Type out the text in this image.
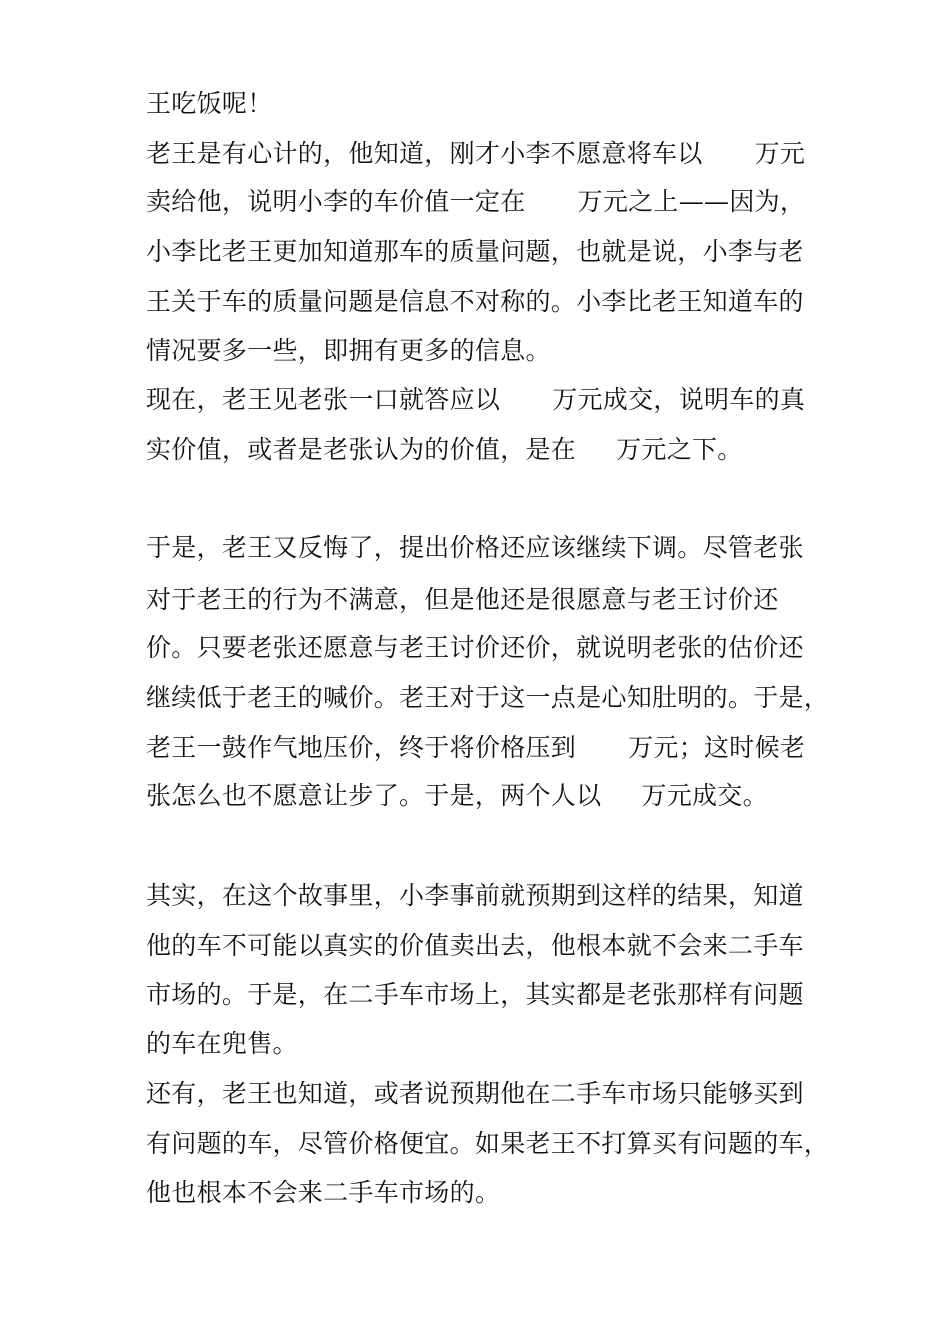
王吃饭呢！
老王是有心计的，他知道，刚才小李不愿意将车以 万元
卖给他，说明小李的车价值一定在 万元之上——因为，
小李比老王更加知道那车的质量问题，也就是说，小李与老
王关于车的质量问题是信息不对称的。小李比老王知道车的
情况要多一些，即拥有更多的信息。
现在，老王见老张一口就答应以 万元成交，说明车的真
实价值，或者是老张认为的价值，是在 万元之下。
于是，老王又反悔了，提出价格还应该继续下调。尽管老张
对于老王的行为不满意，但是他还是很愿意与老王讨价还
价。只要老张还愿意与老王讨价还价，就说明老张的估价还
继续低于老王的喊价。老王对于这一点是心知肚明的。于是，
老王一鼓作气地压价，终于将价格压到 万元；这时候老
张怎么也不愿意让步了。于是，两个人以 万元成交。
其实，在这个故事里，小李事前就预期到这样的结果，知道
他的车不可能以真实的价值卖出去，他根本就不会来二手车
市场的。于是，在二手车市场上，其实都是老张那样有问题
的车在兜售。
还有，老王也知道，或者说预期他在二手车市场只能够买到
有问题的车，尽管价格便宜。如果老王不打算买有问题的车，
他也根本不会来二手车市场的。
